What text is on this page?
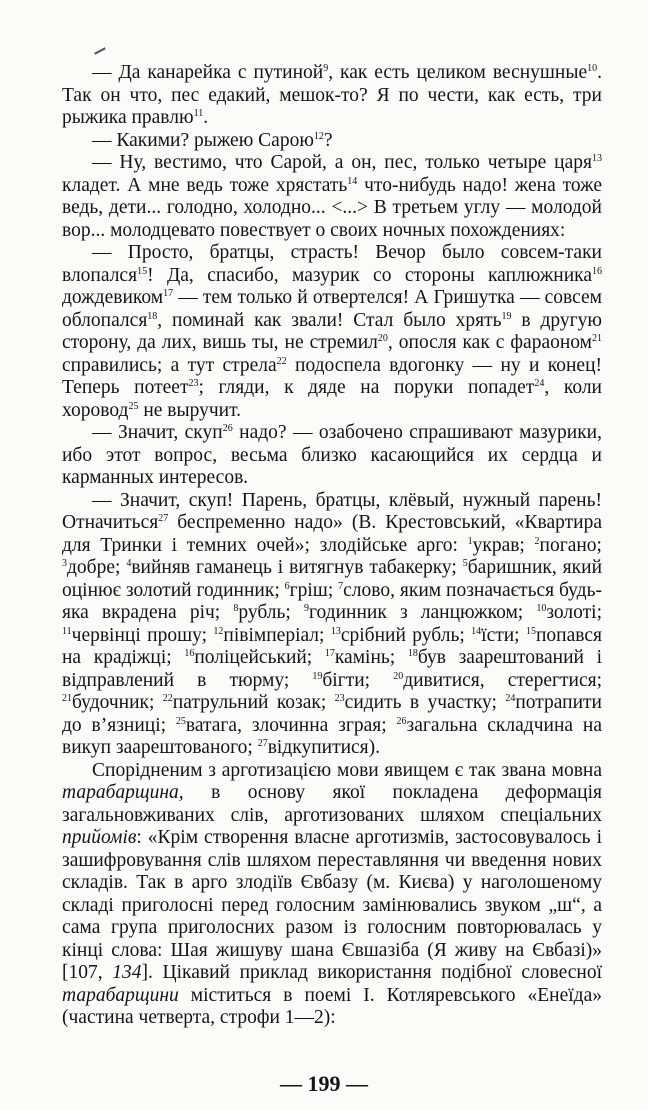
— Да канарейка с путиной$^9$, как есть целиком веснушные$^{10}$. Так он что, пес едакий, мешок-то? Я по чести, как есть, три рыжика правлю$^{11}$.

— Какими? рыжею Сарою$^{12}$?

— Ну, вестимо, что Сарой, а он, пес, только четыре царя$^{13}$ кладет. А мне ведь тоже хрястать$^{14}$ что-нибудь надо! жена тоже ведь, дети... голодно, холодно... <...> В третьем углу — молодой вор... молодцевато повествует о своих ночных похождениях:

— Просто, братцы, страсть! Вечор было совсем-таки влопался$^{15}$! Да, спасибо, мазурик со стороны каплюжника$^{16}$ дождевиком$^{17}$ — тем только й отвертелся! А Гришутка — совсем облопался$^{18}$, поминай как звали! Стал было хрять$^{19}$ в другую сторону, да лих, вишь ты, не стремил$^{20}$, опосля как с фараоном$^{21}$ справились; а тут стрела$^{22}$ подоспела вдогонку — ну и конец! Теперь потеет$^{23}$; гляди, к дяде на поруки попадет$^{24}$, коли хоровод$^{25}$ не выручит.

— Значит, скуп$^{26}$ надо? — озабочено спрашивают мазурики, ибо этот вопрос, весьма близко касающийся их сердца и карманных интересов.

— Значит, скуп! Парень, братцы, клёвый, нужный парень! Отначиться$^{27}$ беспременно надо» (В. Крестовський, «Квартира для Тринки і темних очей»; злодійське арго: $^1$украв; $^2$погано; $^3$добре; $^4$вийняв гаманець і витягнув табакерку; $^5$баришник, який оцінює золотий годинник; $^6$гріш; $^7$слово, яким позначається будь-яка вкрадена річ; $^8$рубль; $^9$годинник з ланцюжком; $^{10}$золоті; $^{11}$червінці прошу; $^{12}$півімперіал; $^{13}$срібний рубль; $^{14}$їсти; $^{15}$попався на крадіжці; $^{16}$поліцейський; $^{17}$камінь; $^{18}$був заарештований і відправлений в тюрму; $^{19}$бігти; $^{20}$дивитися, стерегтися; $^{21}$будочник; $^{22}$патрульний козак; $^{23}$сидить в участку; $^{24}$потрапити до в’язниці; $^{25}$ватага, злочинна зграя; $^{26}$загальна складчина на викуп заарештованого; $^{27}$відкупитися).

Спорідненим з арготизацією мови явищем є так звана мовна тарабарщина, в основу якої покладена деформація загальновживаних слів, арготизованих шляхом спеціальних прийомів: «Крім створення власне арготизмів, застосовувалось і зашифровування слів шляхом переставляння чи введення нових складів. Так в арго злодіїв Євбазу (м. Києва) у наголошеному складі приголосні перед голосним замінювались звуком „ш“, а сама група приголосних разом із голосним повторювалась у кінці слова: Шая жишуву шана Євшазіба (Я живу на Євбазі)» [107, 134]. Цікавий приклад використання подібної словесної тарабарщини міститься в поемі І. Котляревського «Енеїда» (частина четверта, строфи 1—2):

— 199 —
